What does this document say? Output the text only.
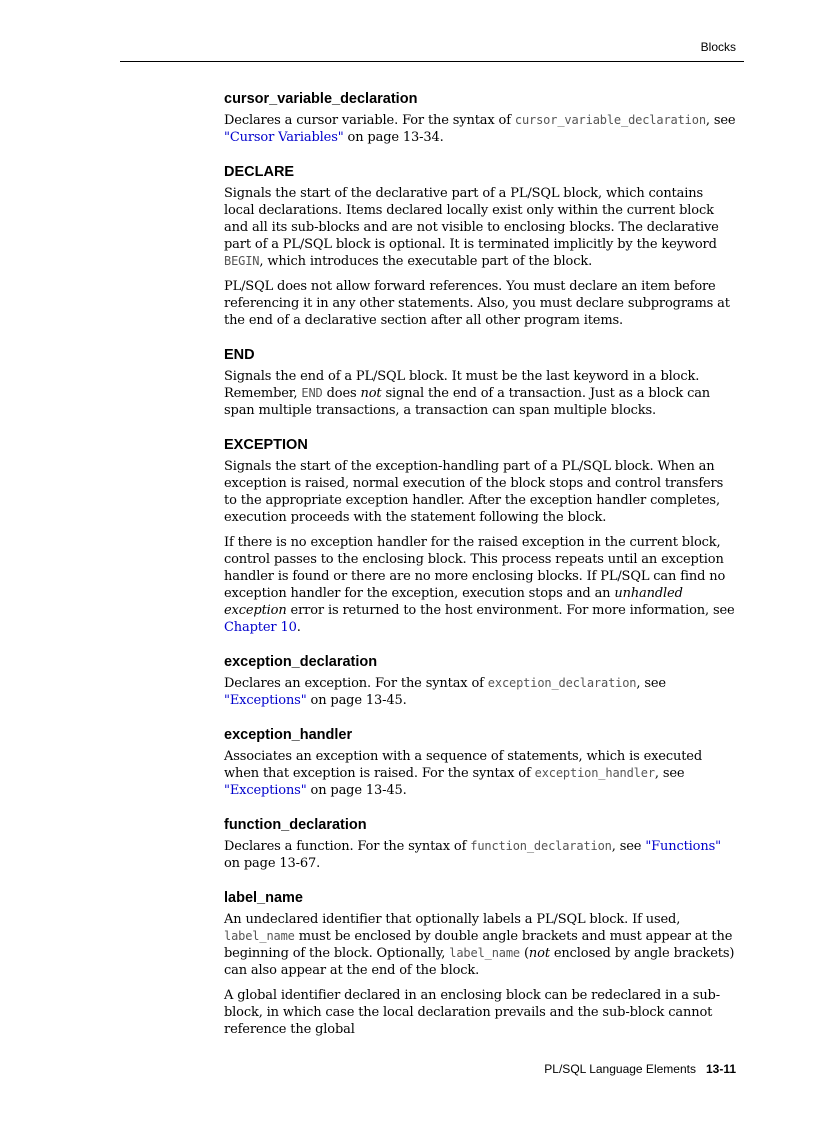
Blocks
cursor_variable_declaration

Declares a cursor variable. For the syntax of cursor_variable_declaration, see "Cursor Variables" on page 13-34.

DECLARE

Signals the start of the declarative part of a PL/SQL block, which contains local declarations. Items declared locally exist only within the current block and all its sub-blocks and are not visible to enclosing blocks. The declarative part of a PL/SQL block is optional. It is terminated implicitly by the keyword BEGIN, which introduces the executable part of the block.

PL/SQL does not allow forward references. You must declare an item before referencing it in any other statements. Also, you must declare subprograms at the end of a declarative section after all other program items.

END

Signals the end of a PL/SQL block. It must be the last keyword in a block. Remember, END does not signal the end of a transaction. Just as a block can span multiple transactions, a transaction can span multiple blocks.

EXCEPTION

Signals the start of the exception-handling part of a PL/SQL block. When an exception is raised, normal execution of the block stops and control transfers to the appropriate exception handler. After the exception handler completes, execution proceeds with the statement following the block.

If there is no exception handler for the raised exception in the current block, control passes to the enclosing block. This process repeats until an exception handler is found or there are no more enclosing blocks. If PL/SQL can find no exception handler for the exception, execution stops and an unhandled exception error is returned to the host environment. For more information, see Chapter 10.

exception_declaration

Declares an exception. For the syntax of exception_declaration, see "Exceptions" on page 13-45.

exception_handler

Associates an exception with a sequence of statements, which is executed when that exception is raised. For the syntax of exception_handler, see "Exceptions" on page 13-45.

function_declaration

Declares a function. For the syntax of function_declaration, see "Functions" on page 13-67.

label_name

An undeclared identifier that optionally labels a PL/SQL block. If used, label_name must be enclosed by double angle brackets and must appear at the beginning of the block. Optionally, label_name (not enclosed by angle brackets) can also appear at the end of the block.

A global identifier declared in an enclosing block can be redeclared in a sub-block, in which case the local declaration prevails and the sub-block cannot reference the global

PL/SQL Language Elements 13-11
